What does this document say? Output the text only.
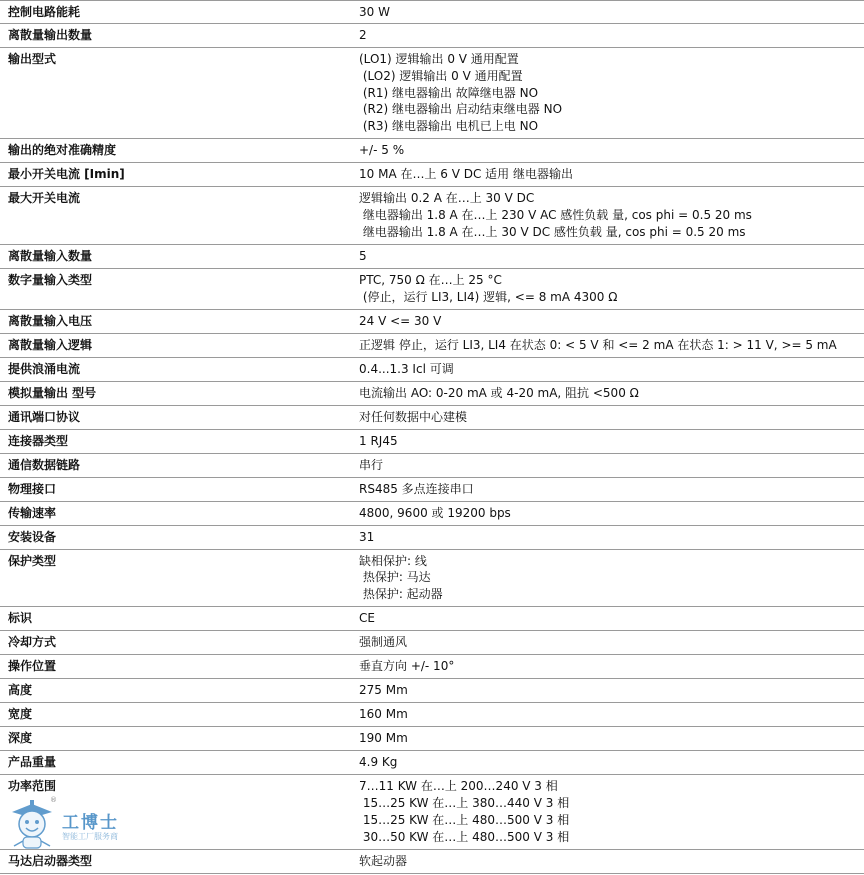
控制电路能耗	30 W
离散量输出数量	2
输出型式	(LO1) 逻辑输出 0 V 通用配置
(LO2) 逻辑输出 0 V 通用配置
(R1) 继电器输出 故障继电器 NO
(R2) 继电器输出 启动结束继电器 NO
(R3) 继电器输出 电机已上电 NO
输出的绝对准确精度	+/- 5 %
最小开关电流 [Imin]	10 MA 在…上 6 V DC 适用 继电器输出
最大开关电流	逻辑输出 0.2 A 在…上 30 V DC
继电器输出 1.8 A 在…上 230 V AC 感性负载 量, cos phi = 0.5 20 ms
继电器输出 1.8 A 在…上 30 V DC 感性负载 量, cos phi = 0.5 20 ms
离散量输入数量	5
数字量输入类型	PTC, 750 Ω 在…上 25 °C
(停止，运行 LI3, LI4) 逻辑, <= 8 mA 4300 Ω
离散量输入电压	24 V <= 30 V
离散量输入逻辑	正逻辑 停止，运行 LI3, LI4 在状态 0: < 5 V 和 <= 2 mA 在状态 1: > 11 V, >= 5 mA
提供浪涌电流	0.4...1.3 Icl 可调
模拟量输出 型号	电流输出 AO: 0-20 mA 或 4-20 mA, 阻抗 <500 Ω
通讯端口协议	对任何数据中心建模
连接器类型	1 RJ45
通信数据链路	串行
物理接口	RS485 多点连接串口
传输速率	4800, 9600 或 19200 bps
安装设备	31
保护类型	缺相保护: 线
热保护: 马达
热保护: 起动器
标识	CE
冷却方式	强制通风
操作位置	垂直方向 +/- 10°
高度	275 Mm
宽度	160 Mm
深度	190 Mm
产品重量	4.9 Kg
功率范围	7…11 KW 在…上 200…240 V 3 相
15…25 KW 在…上 380…440 V 3 相
15…25 KW 在…上 480…500 V 3 相
30…50 KW 在…上 480…500 V 3 相
马达启动器类型	软起动器
®
工博士
智能工厂服务商
